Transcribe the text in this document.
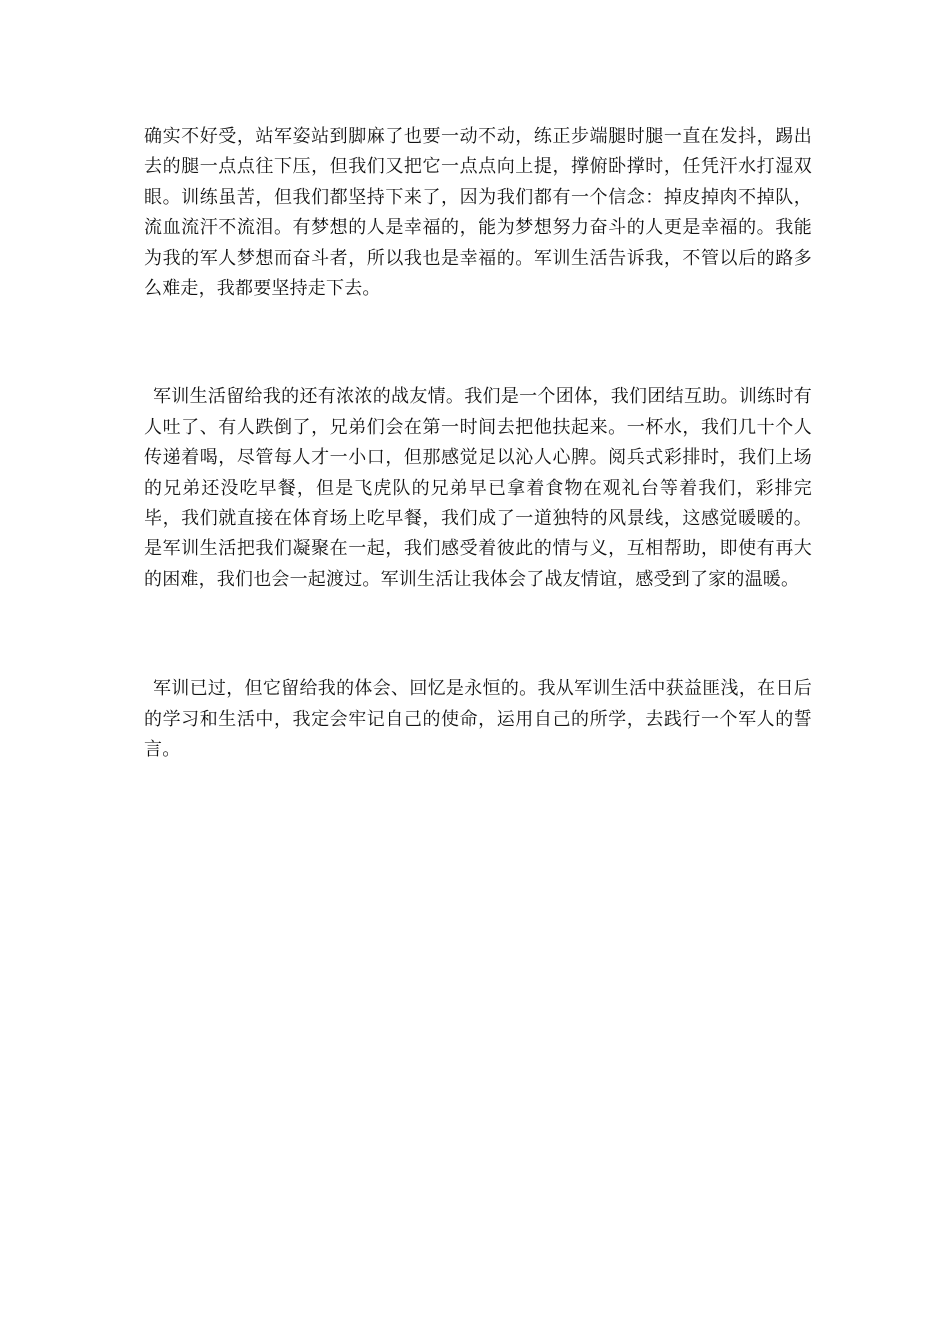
确实不好受，站军姿站到脚麻了也要一动不动，练正步端腿时腿一直在发抖，踢出去的腿一点点往下压，但我们又把它一点点向上提，撑俯卧撑时，任凭汗水打湿双眼。训练虽苦，但我们都坚持下来了，因为我们都有一个信念：掉皮掉肉不掉队，流血流汗不流泪。有梦想的人是幸福的，能为梦想努力奋斗的人更是幸福的。我能为我的军人梦想而奋斗者，所以我也是幸福的。军训生活告诉我，不管以后的路多么难走，我都要坚持走下去。

军训生活留给我的还有浓浓的战友情。我们是一个团体，我们团结互助。训练时有人吐了、有人跌倒了，兄弟们会在第一时间去把他扶起来。一杯水，我们几十个人传递着喝，尽管每人才一小口，但那感觉足以沁人心脾。阅兵式彩排时，我们上场的兄弟还没吃早餐，但是飞虎队的兄弟早已拿着食物在观礼台等着我们，彩排完毕，我们就直接在体育场上吃早餐，我们成了一道独特的风景线，这感觉暖暖的。是军训生活把我们凝聚在一起，我们感受着彼此的情与义，互相帮助，即使有再大的困难，我们也会一起渡过。军训生活让我体会了战友情谊，感受到了家的温暖。

军训已过，但它留给我的体会、回忆是永恒的。我从军训生活中获益匪浅，在日后的学习和生活中，我定会牢记自己的使命，运用自己的所学，去践行一个军人的誓言。
